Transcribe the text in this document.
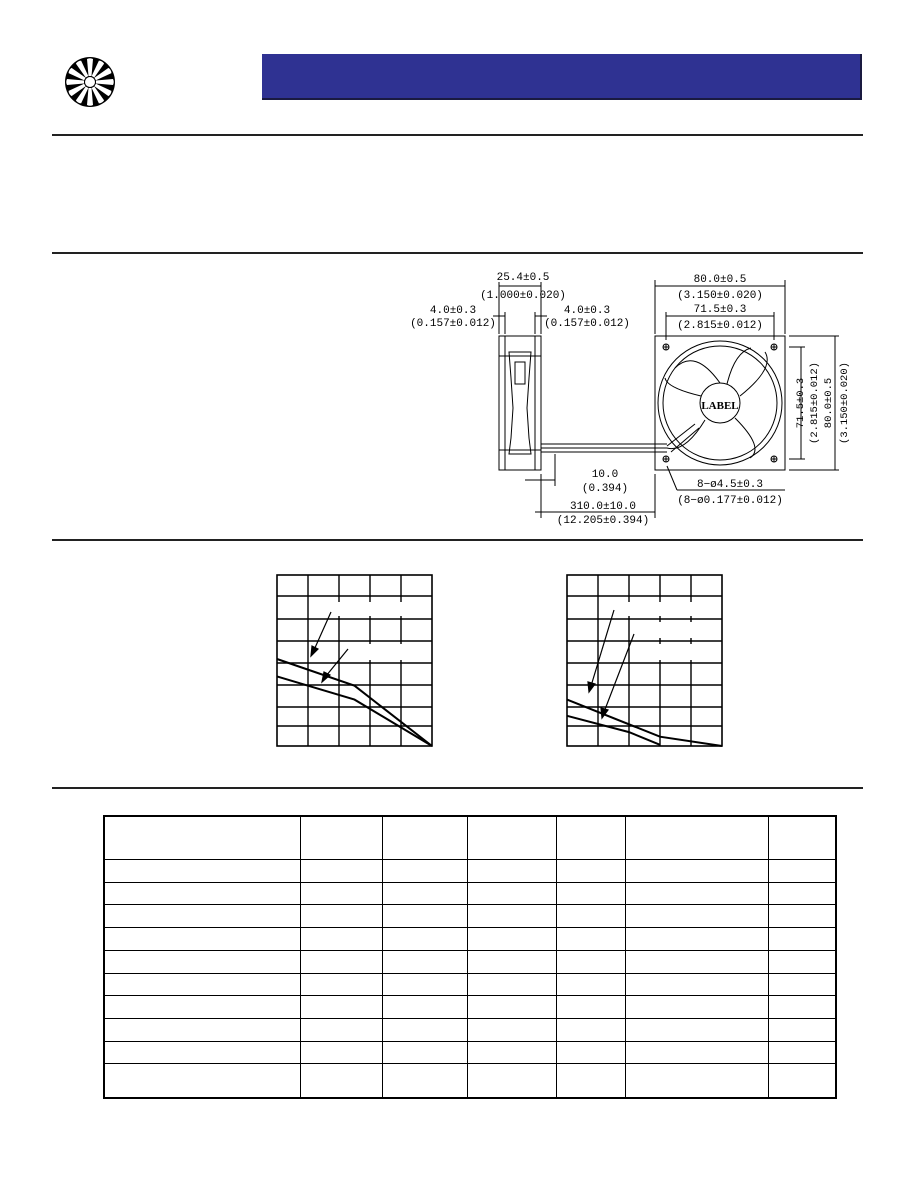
25.4±0.5
(1.000±0.020)
4.0±0.3
(0.157±0.012)
4.0±0.3
(0.157±0.012)
80.0±0.5
(3.150±0.020)
71.5±0.3
(2.815±0.012)
LABEL	71.5±0.3 (2.815±0.012) 80.0±0.5 (3.150±0.020)
10.0
(0.394)
310.0±10.0
(12.205±0.394)
8−ø4.5±0.3
(8−ø0.177±0.012)
